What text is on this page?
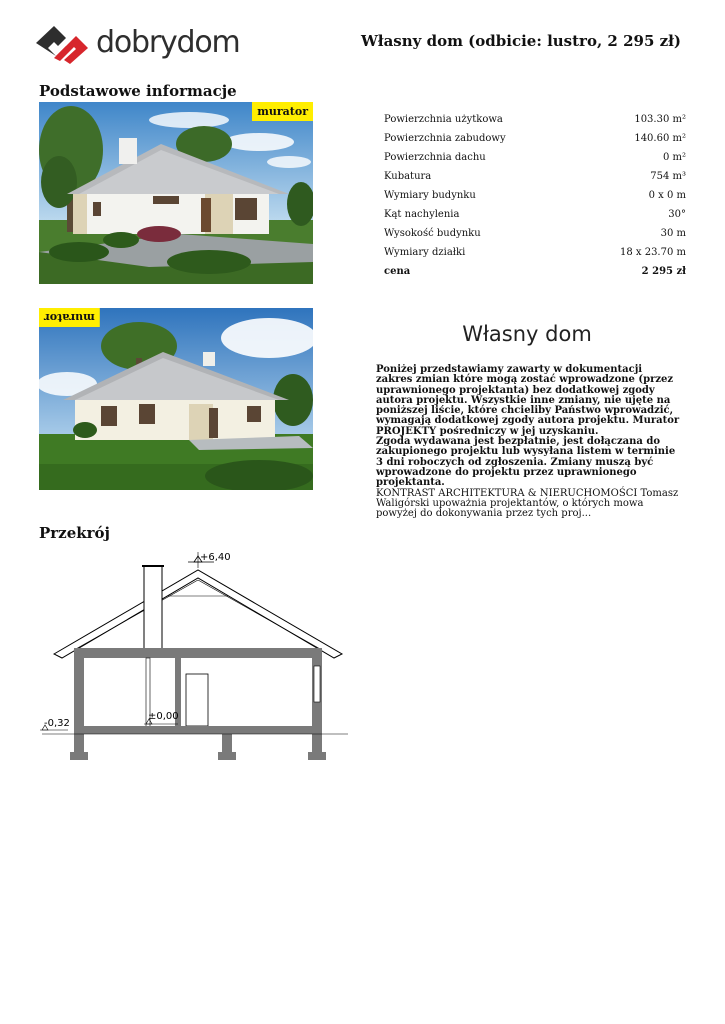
dobrydom	Własny dom (odbicie: lustro, 2 295 zł)
Podstawowe informacje
murator
murator
Powierzchnia użytkowa	103.30 m²
Powierzchnia zabudowy	140.60 m²
Powierzchnia dachu	0 m²
Kubatura	754 m³
Wymiary budynku	0 x 0 m
Kąt nachylenia	30°
Wysokość budynku	30 m
Wymiary działki	18 x 23.70 m
cena	2 295 zł
Własny dom

Poniżej przedstawiamy zawarty w dokumentacji zakres zmian które mogą zostać wprowadzone (przez uprawnionego projektanta) bez dodatkowej zgody autora projektu. Wszystkie inne zmiany, nie ujęte na poniższej liście, które chcieliby Państwo wprowadzić, wymagają dodatkowej zgody autora projektu. Murator PROJEKTY pośredniczy w jej uzyskaniu.

Zgoda wydawana jest bezpłatnie, jest dołączana do zakupionego projektu lub wysyłana listem w terminie 3 dni roboczych od zgłoszenia. Zmiany muszą być wprowadzone do projektu przez uprawnionego projektanta.

KONTRAST ARCHITEKTURA & NIERUCHOMOŚCI Tomasz Waligórski upoważnia projektantów, o których mowa powyżej do dokonywania przez tych proj...

Przekrój
+6,40
±0,00
-0,32
